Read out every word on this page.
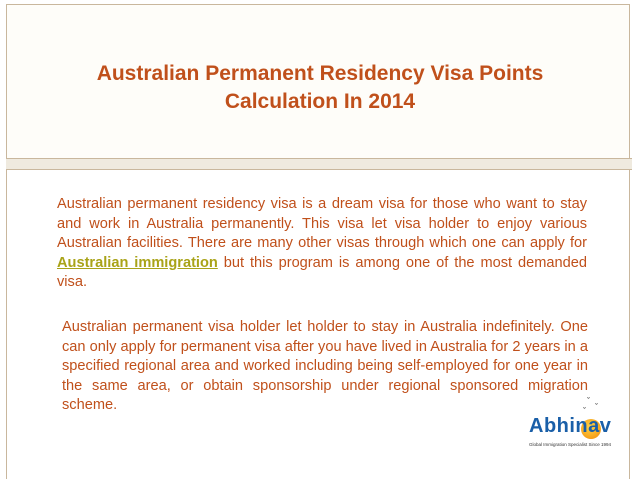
Australian Permanent Residency Visa Points Calculation In 2014

Australian permanent residency visa is a dream visa for those who want to stay and work in Australia permanently. This visa let visa holder to enjoy various Australian facilities. There are many other visas through which one can apply for Australian immigration but this program is among one of the most demanded visa.

Australian permanent visa holder let holder to stay in Australia indefinitely. One can only apply for permanent visa after you have lived in Australia for 2 years in a specified regional area and worked including being self-employed for one year in the same area, or obtain sponsorship under regional sponsored migration scheme.	ˇ
ˇ
ˇ
Abhinav
Global Immigration Specialist Since 1994
